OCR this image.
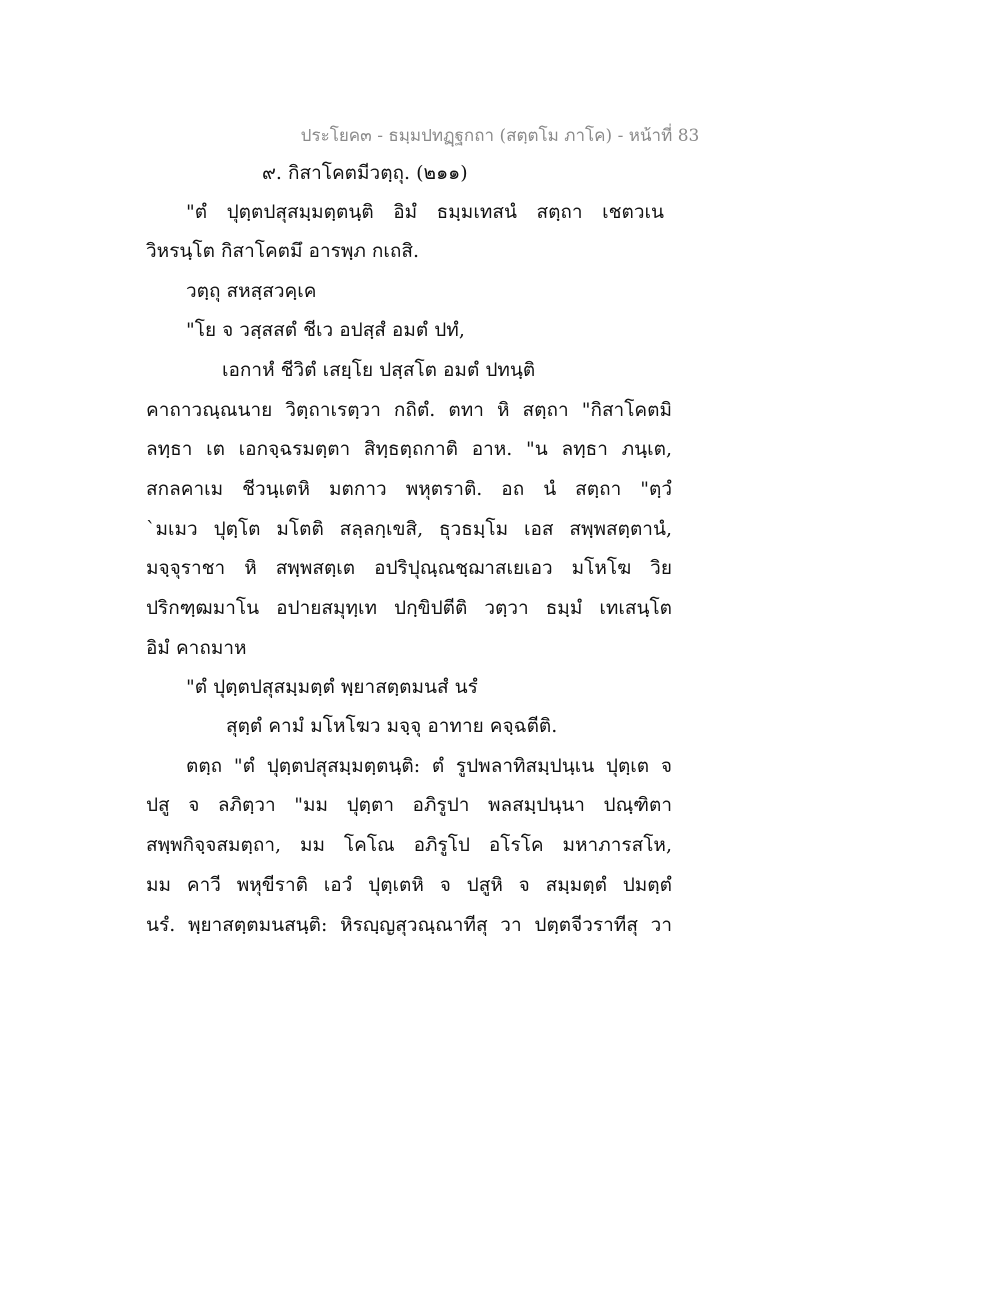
ประโยค๓ - ธมฺมปทฏฺฐกถา (สตฺตโม ภาโค) - หน้าที่ 83
๙. กิสาโคตมีวตฺถุ. (๒๑๑)
"ตํ ปุตฺตปสุสมฺมตฺตนฺติ อิมํ ธมฺมเทสนํ สตฺถา เชตวเน
วิหรนฺโต กิสาโคตมึ อารพฺภ กเถสิ.
วตฺถุ สหสฺสวคฺเค
"โย จ วสฺสสตํ ชีเว อปสฺสํ อมตํ ปทํ,
เอกาหํ ชีวิตํ เสยฺโย ปสฺสโต อมตํ ปทนฺติ
คาถาวณฺณนาย วิตฺถาเรตฺวา กถิตํ. ตทา หิ สตฺถา "กิสาโคตมิ
ลทฺธา เต เอกจฺฉรมตฺตา สิทฺธตฺถกาติ อาห. "น ลทฺธา ภนฺเต,
สกลคาเม ชีวนฺเตหิ มตกาว พหุตราติ. อถ นํ สตฺถา "ตฺวํ
`มเมว ปุตฺโต มโตติ สลฺลกฺเขสิ, ธุวธมฺโม เอส สพฺพสตฺตานํ,
มจฺจุราชา หิ สพฺพสตฺเต อปริปุณฺณชฺฌาสเยเอว มโหโฆ วิย
ปริกฑฺฒมาโน อปายสมุทฺเท ปกฺขิปตีติ วตฺวา ธมฺมํ เทเสนฺโต
อิมํ คาถมาห
"ตํ ปุตฺตปสุสมฺมตฺตํ พฺยาสตฺตมนสํ นรํ
สุตฺตํ คามํ มโหโฆว มจฺจุ อาทาย คจฺฉตีติ.
ตตฺถ "ตํ ปุตฺตปสุสมฺมตฺตนฺติ: ตํ รูปพลาทิสมฺปนฺเน ปุตฺเต จ
ปสู จ ลภิตฺวา "มม ปุตฺตา อภิรูปา พลสมฺปนฺนา ปณฺฑิตา
สพฺพกิจฺจสมตฺถา, มม โคโณ อภิรูโป อโรโค มหาภารสโห,
มม คาวี พหุขีราติ เอวํ ปุตฺเตหิ จ ปสูหิ จ สมฺมตฺตํ ปมตฺตํ
นรํ. พฺยาสตฺตมนสนฺติ: หิรญฺญสุวณฺณาทีสุ วา ปตฺตจีวราทีสุ วา
